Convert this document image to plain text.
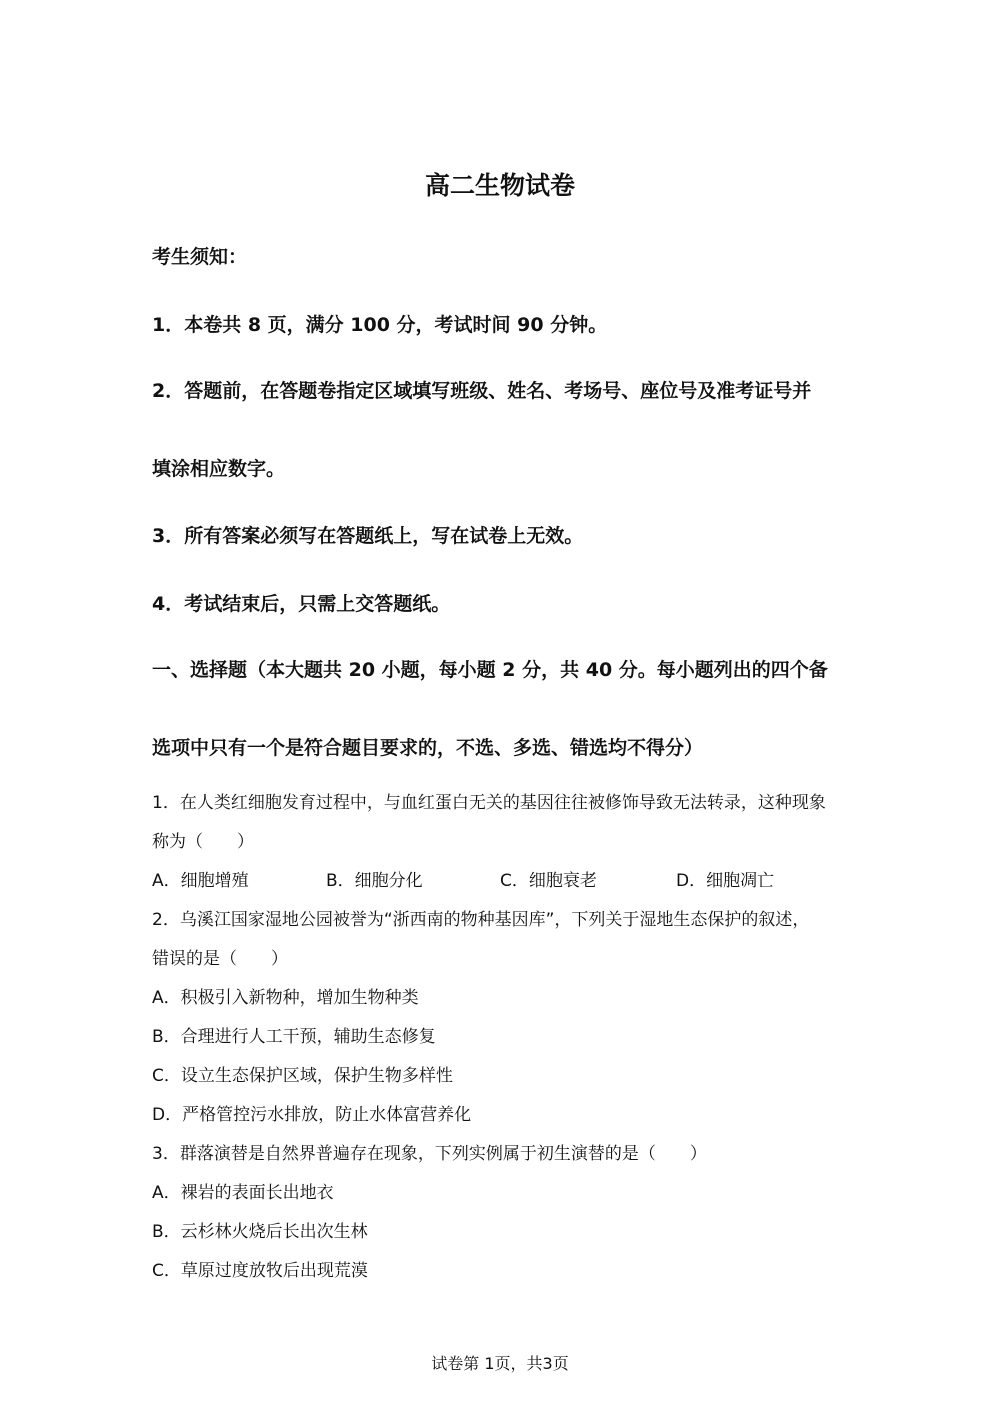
高二生物试卷
考生须知：
1．本卷共 8 页，满分 100 分，考试时间 90 分钟。
2．答题前，在答题卷指定区域填写班级、姓名、考场号、座位号及准考证号并
填涂相应数字。
3．所有答案必须写在答题纸上，写在试卷上无效。
4．考试结束后，只需上交答题纸。
一、选择题（本大题共 20 小题，每小题 2 分，共 40 分。每小题列出的四个备
选项中只有一个是符合题目要求的，不选、多选、错选均不得分）
1．在人类红细胞发育过程中，与血红蛋白无关的基因往往被修饰导致无法转录，这种现象
称为（　　）
A．细胞增殖	B．细胞分化	C．细胞衰老	D．细胞凋亡
2．乌溪江国家湿地公园被誉为“浙西南的物种基因库”，下列关于湿地生态保护的叙述，
错误的是（　　）
A．积极引入新物种，增加生物种类
B．合理进行人工干预，辅助生态修复
C．设立生态保护区域，保护生物多样性
D．严格管控污水排放，防止水体富营养化
3．群落演替是自然界普遍存在现象，下列实例属于初生演替的是（　　）
A．裸岩的表面长出地衣
B．云杉林火烧后长出次生林
C．草原过度放牧后出现荒漠
试卷第 1页，共3页
